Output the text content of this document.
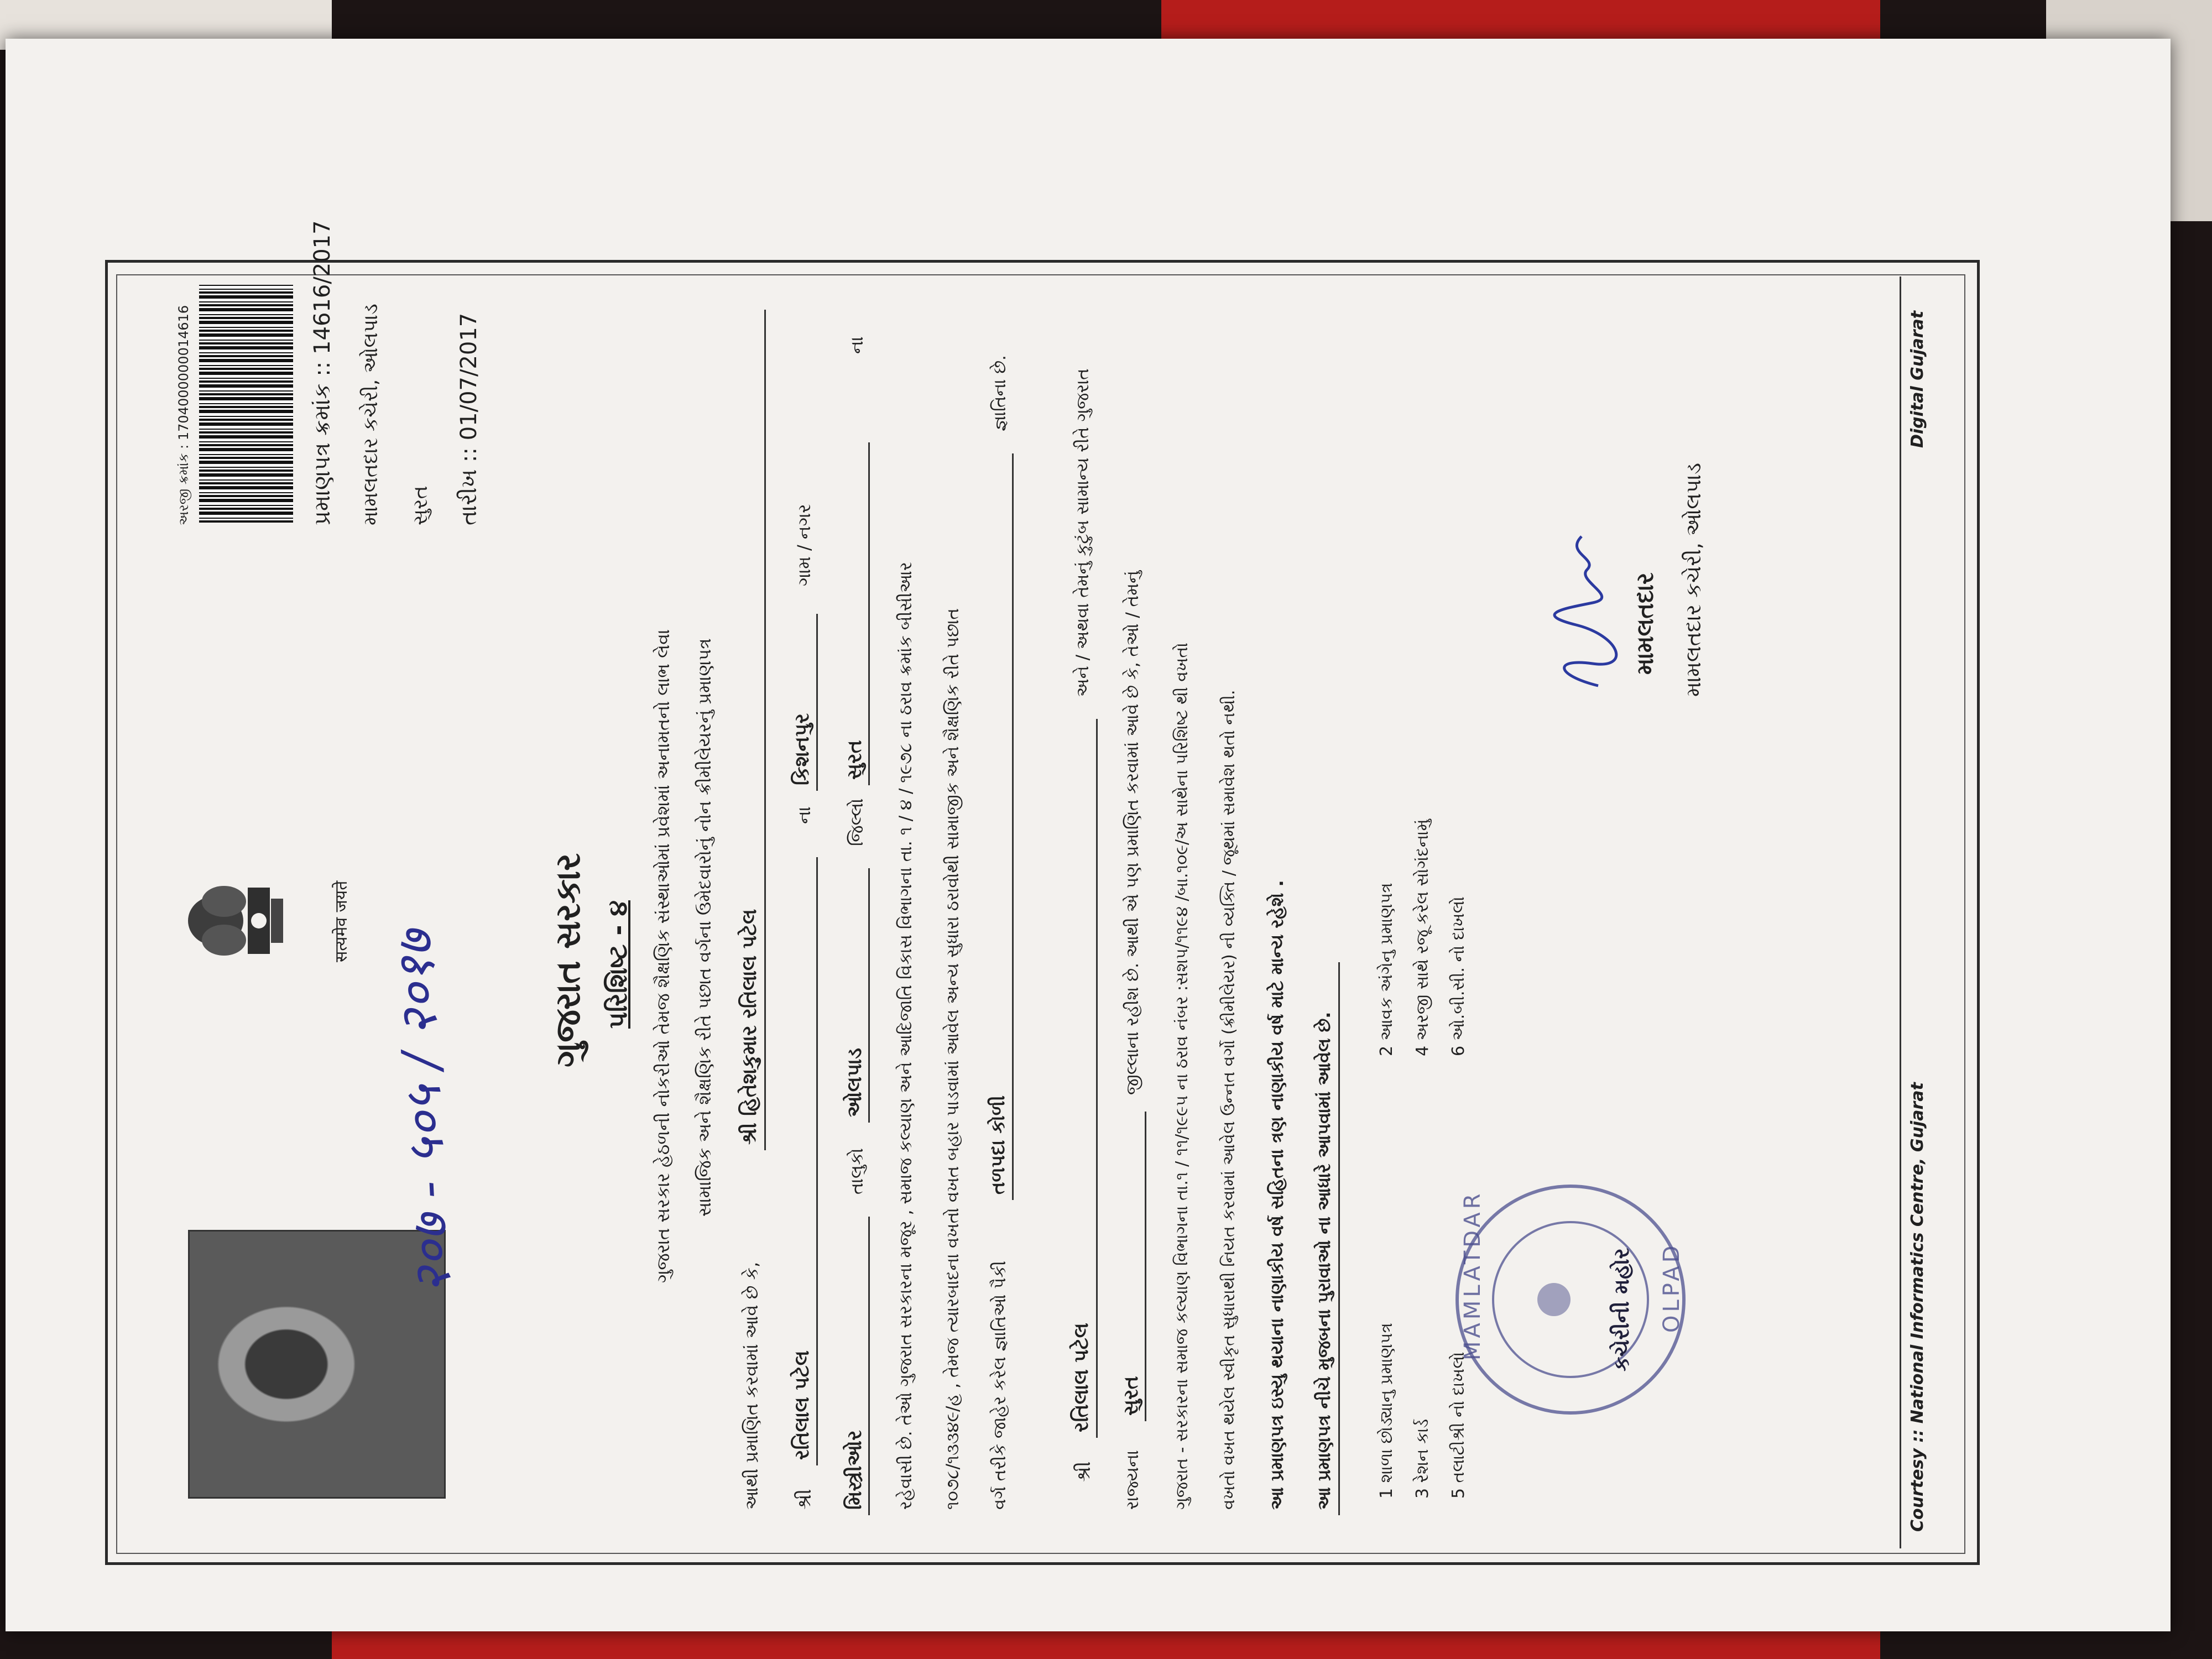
२०७ - ५०५ / २०१७
सत्यमेव जयते
અરજી ક્રમાંક : 1704000000014616	પ્રમાણપત્ર ક્રમાંક :: 14616/2017 મામલતદાર કચેરી, ઓલપાડ સુરત તારીખ :: 01/07/2017
ગુજરાત સરકાર પરિશિષ્ટ - ૪ ગુજરાત સરકાર હેઠળની નોકરીઓ તેમજ શૈક્ષણિક સંસ્થાઓમાં પ્રવેશમાં અનામતનો લાભ લેવા સામાજિક અને શૈક્ષણિક રીતે પછાત વર્ગના ઉમેદવારોનું નોન ક્રીમીલેયરનું પ્રમાણપત્ર
આથી પ્રમાણિત કરવામાં આવે છે કે,
શ્રી હિતેશકુમાર રતિલાલ પટેલ
શ્રી
રતિલાલ પટેલ
ના
કિશનપુર
ગામ / નગર
મિસ્ત્રીઓર
તાલુકો
ઓલપાડ
જિલ્લો
સુરત
ના
રહેવાસી છે. તેઓ ગુજરાત સરકારના મજૂર , સમાજ કલ્યાણ અને આદિજાતિ વિકાસ વિભાગના તા. ૧ / ૪ / ૧૯૭૮ ના ઠરાવ ક્રમાંક બીસીઆર ૧૦૭૮/૧૩૩૪૯/હ , તેમજ ત્યારબાદના વખતો વખત બહાર પાડવામાં આવેલ અન્ય સુધારા ઠરાવોથી સામાજીક અને શૈક્ષણિક રીતે પછાત વર્ગ તરીકે જાહેર કરેલ જ્ઞાતિઓ પૈકી
તળપદા કોળી
જ્ઞાતિના છે.
શ્રી
રતિલાલ પટેલ
અને / અથવા તેમનું કુટુંબ સામાન્ય રીતે ગુજરાત
રાજ્યના
સુરત
જીલ્લાના રહીશ છે. આથી એ પણ પ્રમાણિત કરવામાં આવે છે કે, તેઓ / તેમનું ગુજરાત - સરકારના સમાજ કલ્યાણ વિભાગના તા.૧ / ૧૧/૧૯૯૫ ના ઠરાવ નંબર :સશપ/૧૧૯૪ /બા.૧૦૯/અ સાથેના પરિશિષ્ટ થી વખતો વખતો વખત થયેલ સ્વીકૃત સુધારાથી નિયત કરવામાં આવેલ ઉન્નત વર્ગો (ક્રીમીલેયર) ની વ્યક્તિ / જૂથમાં સમાવેશ થતો નથી. આ પ્રમાણપત્ર ઇસ્યુ થયાના નાણાકીય વર્ષ સહિતના ત્રણ નાણાકીય વર્ષ માટે માન્ય રહેશે . આ પ્રમાણપત્ર નીચે મુજબના પુરાવાઓ ના આધારે આપવામાં આવેલ છે.	1 શાળા છોડ્યાનુ પ્રમાણપત્ર
2 આવક અંગેનુ પ્રમાણપત્ર
3 રેશન કાર્ડ
4 અરજી સાથે રજૂ કરેલ સોગંદનામું
5 તલાટીશ્રી નો દાખલો
6 ઓ.બી.સી. નો દાખલો
MAMLATDAR	કચેરીની મહોર OLPAD
મામલતદાર મામલતદાર કચેરી, ઓલપાડ
Courtesy :: National Informatics Centre, Gujarat
Digital Gujarat
